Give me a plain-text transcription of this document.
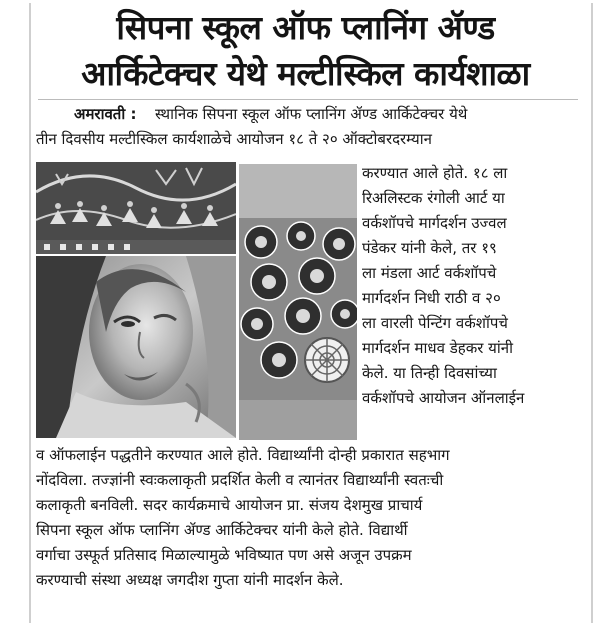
सिपना स्कूल ऑफ प्लानिंग ॲण्ड
आर्किटेक्चर येथे मल्टीस्किल कार्यशाळा
अमरावती : स्थानिक सिपना स्कूल ऑफ प्लानिंग ॲण्ड आर्किटेक्चर येथे
तीन दिवसीय मल्टीस्किल कार्यशाळेचे आयोजन १८ ते २० ऑक्टोबरदरम्यान
करण्यात आले होते. १८ ला
रिअलिस्टक रंगोली आर्ट या
वर्कशॉपचे मार्गदर्शन उज्वल
पंडेकर यांनी केले, तर १९
ला मंडला आर्ट वर्कशॉपचे
मार्गदर्शन निधी राठी व २०
ला वारली पेन्टिंग वर्कशॉपचे
मार्गदर्शन माधव डेहकर यांनी
केले. या तिन्ही दिवसांच्या
वर्कशॉपचे आयोजन ऑनलाईन
व ऑफलाईन पद्धतीने करण्यात आले होते. विद्यार्थ्यांनी दोन्ही प्रकारात सहभाग
नोंदविला. तज्ज्ञांनी स्वःकलाकृती प्रदर्शित केली व त्यानंतर विद्यार्थ्यांनी स्वतःची
कलाकृती बनविली. सदर कार्यक्रमाचे आयोजन प्रा. संजय देशमुख प्राचार्य
सिपना स्कूल ऑफ प्लानिंग ॲण्ड आर्किटेक्चर यांनी केले होते. विद्यार्थी
वर्गाचा उस्फूर्त प्रतिसाद मिळाल्यामुळे भविष्यात पण असे अजून उपक्रम
करण्याची संस्था अध्यक्ष जगदीश गुप्ता यांनी मादर्शन केले.
